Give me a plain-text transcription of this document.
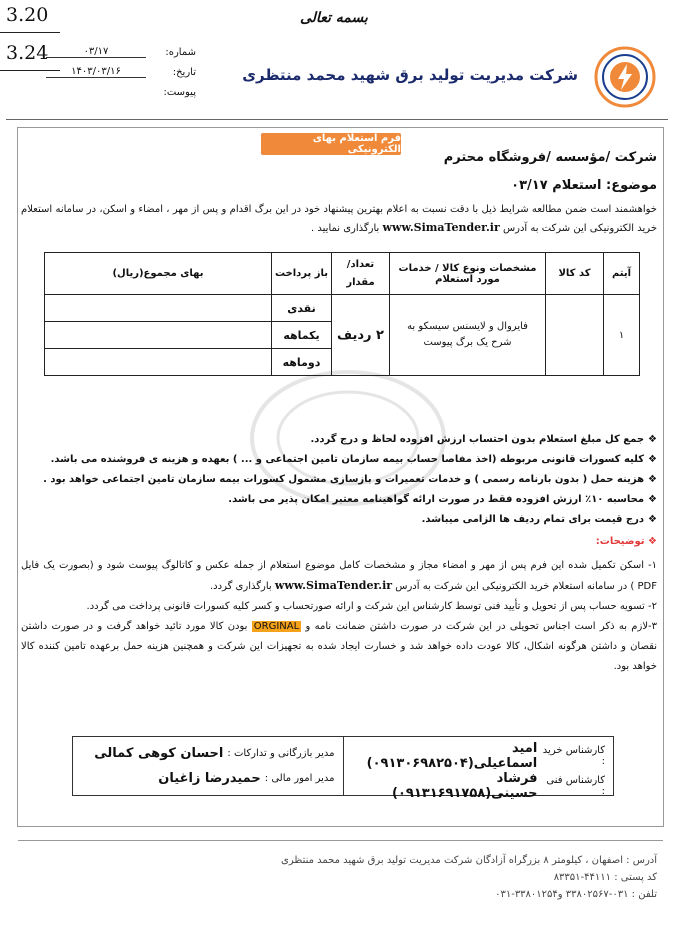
3.20
3.24
بسمه تعالی
شرکت مدیریت تولید برق شهید محمد منتظری
شماره:
۰۳/۱۷
تاریخ:
۱۴۰۳/۰۳/۱۶
پیوست:
فرم استعلام بهای الکترونیکی
شرکت /مؤسسه /فروشگاه محترم
موضوع: استعلام ۰۳/۱۷
خواهشمند است ضمن مطالعه شرایط ذیل با دقت نسبت به اعلام بهترین پیشنهاد خود در این برگ اقدام و پس از مهر ، امضاء و اسکن، در سامانه استعلام خرید الکترونیکی این شرکت به آدرس www.SimaTender.ir بارگذاری نمایید .
آیتم	کد کالا	مشخصات ونوع کالا / خدمات مورد استعلام	تعداد/ مقدار	باز پرداخت	بهای مجموع(ریال)
۱		فایروال و لایسنس سیسکو به شرح یک برگ پیوست	۲ ردیف	نقدی	
				یکماهه	
				دوماهه	
❖جمع کل مبلغ استعلام بدون احتساب ارزش افزوده لحاظ و درج گردد.
❖کلیه کسورات قانونی مربوطه (اخذ مفاصا حساب بیمه سازمان تامین اجتماعی و ... ) بعهده و هزینه ی فروشنده می باشد.
❖هزینه حمل ( بدون بارنامه رسمی ) و خدمات تعمیرات و بازسازی مشمول کسورات بیمه سازمان تامین اجتماعی خواهد بود .
❖محاسبه ۱۰٪ ارزش افزوده فقط در صورت ارائه گواهینامه معتبر امکان پذیر می باشد.
❖درج قیمت برای تمام ردیف ها الزامی میباشد.
❖ توضیحات:
۱- اسکن تکمیل شده این فرم پس از مهر و امضاء مجاز و مشخصات کامل موضوع استعلام از جمله عکس و کاتالوگ پیوست شود و (بصورت یک فایل PDF ) در سامانه استعلام خرید الکترونیکی این شرکت به آدرس www.SimaTender.ir بارگذاری گردد.
۲- تسویه حساب پس از تحویل و تأیید فنی توسط کارشناس این شرکت و ارائه صورتحساب و کسر کلیه کسورات قانونی پرداخت می گردد.
۳-لازم به ذکر است اجناس تحویلی در این شرکت در صورت داشتن ضمانت نامه و ORGINAL بودن کالا مورد تائید خواهد گرفت و در صورت داشتن نقصان و داشتن هرگونه اشکال، کالا عودت داده خواهد شد و خسارت ایجاد شده به تجهیزات این شرکت و همچنین هزینه حمل برعهده تامین کننده کالا خواهد بود.
کارشناس خرید :
امید اسماعیلی(۰۹۱۳۰۶۹۸۲۵۰۴)
کارشناس فنی :
فرشاد حسینی(۰۹۱۳۱۶۹۱۷۵۸)
مدیر بازرگانی و تدارکات :
احسان کوهی کمالی
مدیر امور مالی :
حمیدرضا زاغیان
آدرس : اصفهان ، کیلومتر ۸ بزرگراه آزادگان شرکت مدیریت تولید برق شهید محمد منتظری
کد پستی : ۴۴۱۱۱-۸۳۳۵۱
تلفن : ۰۳۱-۳۳۸۰۲۵۶۷ و۳۳۸۰۱۲۵۴-۰۳۱
